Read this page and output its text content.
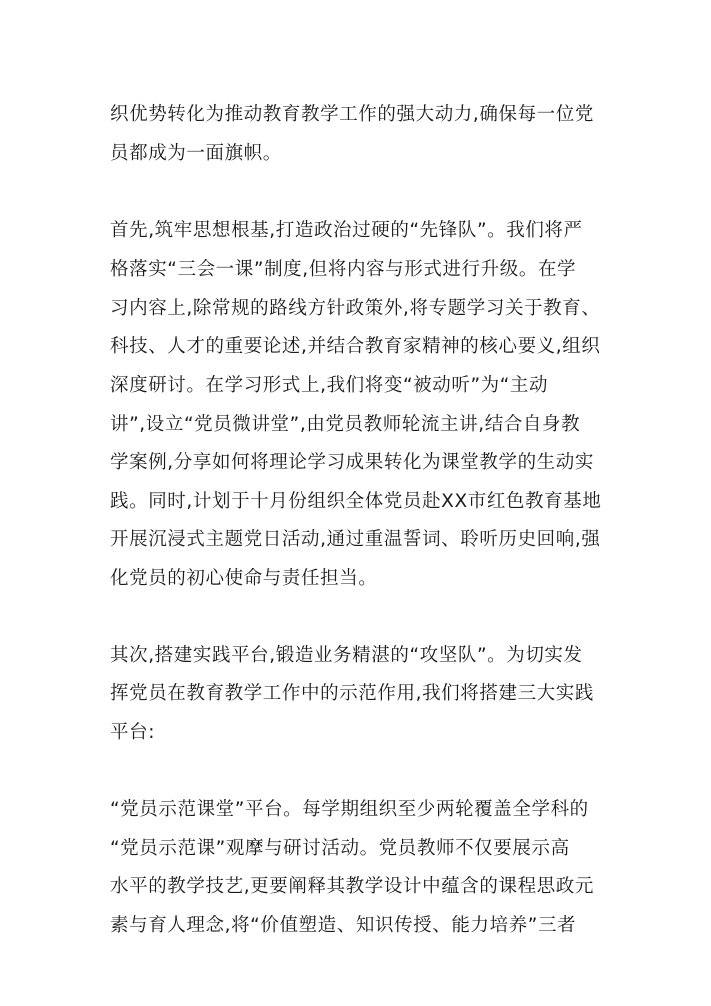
织优势转化为推动教育教学工作的强大动力,确保每一位党
员都成为一面旗帜。
首先,筑牢思想根基,打造政治过硬的“先锋队”。我们将严
格落实“三会一课”制度,但将内容与形式进行升级。在学
习内容上,除常规的路线方针政策外,将专题学习关于教育、
科技、人才的重要论述,并结合教育家精神的核心要义,组织
深度研讨。在学习形式上,我们将变“被动听”为“主动
讲”,设立“党员微讲堂”,由党员教师轮流主讲,结合自身教
学案例,分享如何将理论学习成果转化为课堂教学的生动实
践。同时,计划于十月份组织全体党员赴XX市红色教育基地
开展沉浸式主题党日活动,通过重温誓词、聆听历史回响,强
化党员的初心使命与责任担当。
其次,搭建实践平台,锻造业务精湛的“攻坚队”。为切实发
挥党员在教育教学工作中的示范作用,我们将搭建三大实践
平台:
“党员示范课堂”平台。每学期组织至少两轮覆盖全学科的
“党员示范课”观摩与研讨活动。党员教师不仅要展示高
水平的教学技艺,更要阐释其教学设计中蕴含的课程思政元
素与育人理念,将“价值塑造、知识传授、能力培养”三者
